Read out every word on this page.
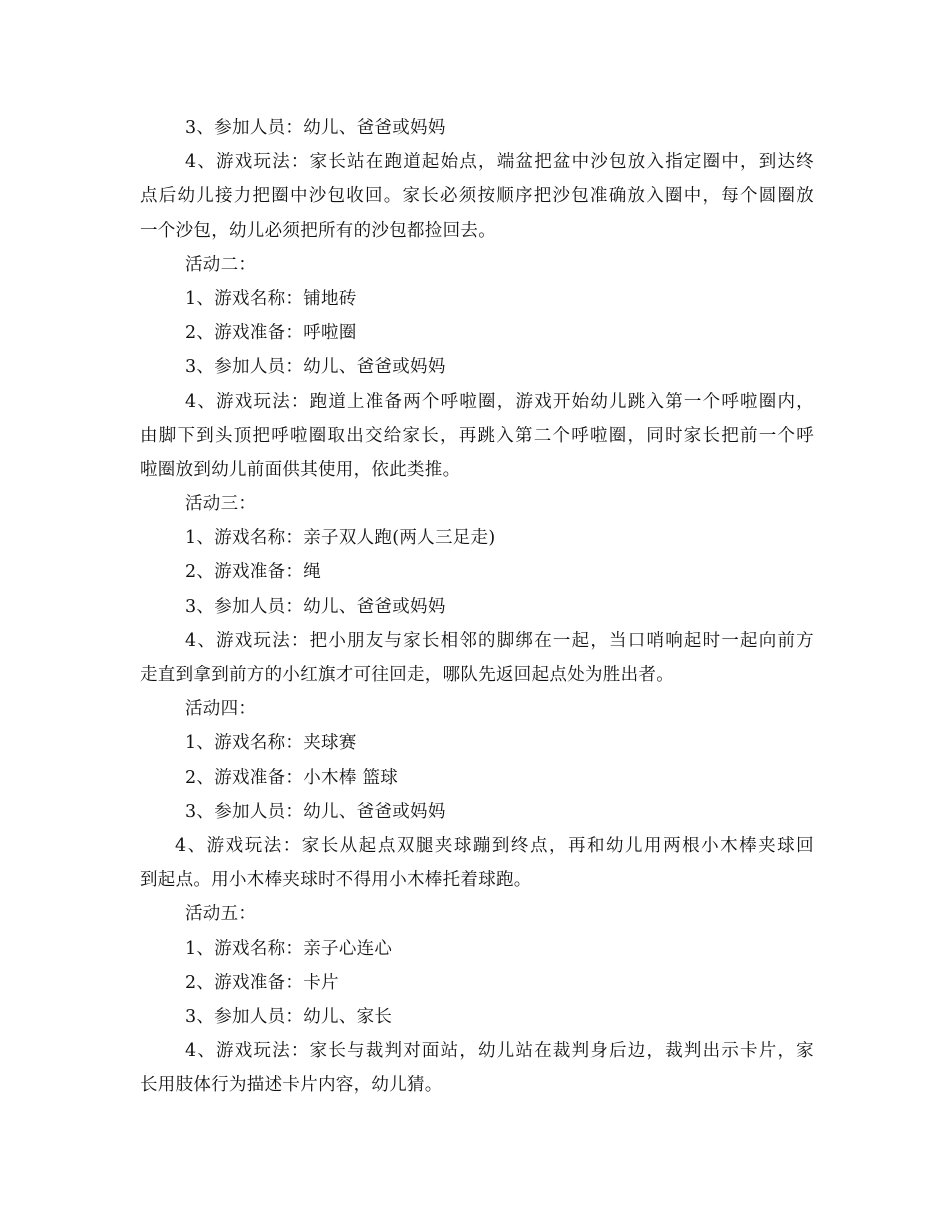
3、参加人员：幼儿、爸爸或妈妈
4、游戏玩法：家长站在跑道起始点，端盆把盆中沙包放入指定圈中，到达终
点后幼儿接力把圈中沙包收回。家长必须按顺序把沙包准确放入圈中，每个圆圈放
一个沙包，幼儿必须把所有的沙包都捡回去。
活动二：
1、游戏名称：铺地砖
2、游戏准备：呼啦圈
3、参加人员：幼儿、爸爸或妈妈
4、游戏玩法：跑道上准备两个呼啦圈，游戏开始幼儿跳入第一个呼啦圈内，
由脚下到头顶把呼啦圈取出交给家长，再跳入第二个呼啦圈，同时家长把前一个呼
啦圈放到幼儿前面供其使用，依此类推。
活动三：
1、游戏名称：亲子双人跑(两人三足走)
2、游戏准备：绳
3、参加人员：幼儿、爸爸或妈妈
4、游戏玩法：把小朋友与家长相邻的脚绑在一起，当口哨响起时一起向前方
走直到拿到前方的小红旗才可往回走，哪队先返回起点处为胜出者。
活动四：
1、游戏名称：夹球赛
2、游戏准备：小木棒 篮球
3、参加人员：幼儿、爸爸或妈妈
4、游戏玩法：家长从起点双腿夹球蹦到终点，再和幼儿用两根小木棒夹球回
到起点。用小木棒夹球时不得用小木棒托着球跑。
活动五：
1、游戏名称：亲子心连心
2、游戏准备：卡片
3、参加人员：幼儿、家长
4、游戏玩法：家长与裁判对面站，幼儿站在裁判身后边，裁判出示卡片，家
长用肢体行为描述卡片内容，幼儿猜。
